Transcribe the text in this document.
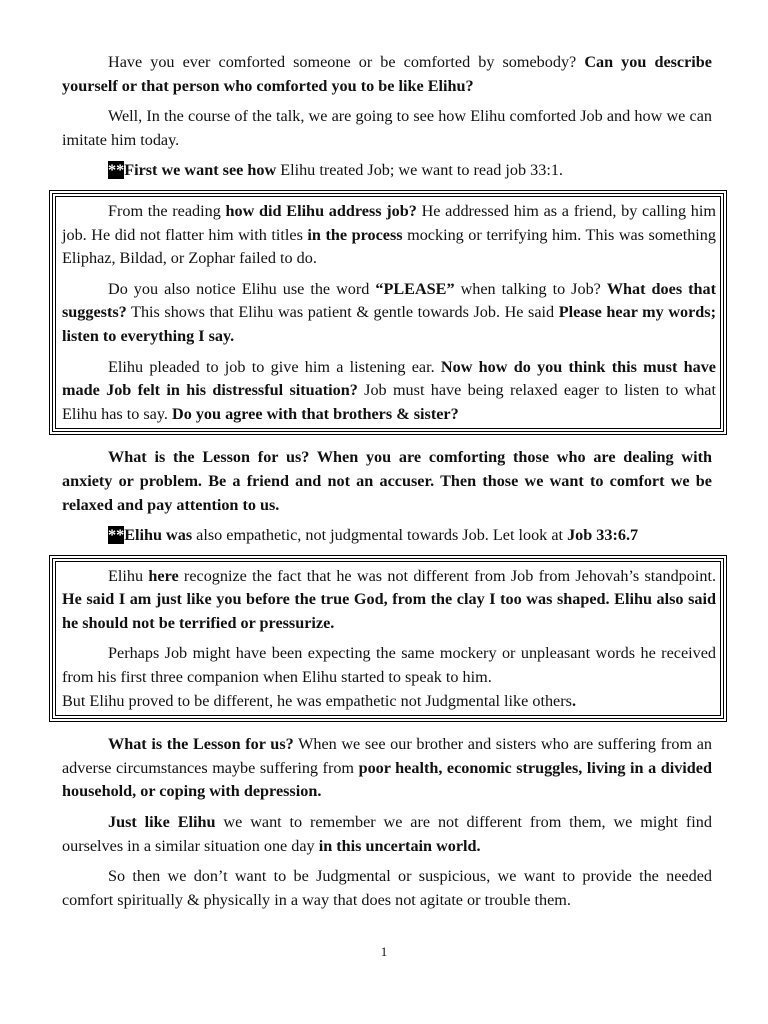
Have you ever comforted someone or be comforted by somebody? Can you describe yourself or that person who comforted you to be like Elihu?

Well, In the course of the talk, we are going to see how Elihu comforted Job and how we can imitate him today.

**First we want see how Elihu treated Job; we want to read job 33:1.

From the reading how did Elihu address job? He addressed him as a friend, by calling him job. He did not flatter him with titles in the process mocking or terrifying him. This was something Eliphaz, Bildad, or Zophar failed to do.

Do you also notice Elihu use the word “PLEASE” when talking to Job? What does that suggests? This shows that Elihu was patient & gentle towards Job. He said Please hear my words; listen to everything I say.

Elihu pleaded to job to give him a listening ear. Now how do you think this must have made Job felt in his distressful situation? Job must have being relaxed eager to listen to what Elihu has to say. Do you agree with that brothers & sister?

What is the Lesson for us? When you are comforting those who are dealing with anxiety or problem. Be a friend and not an accuser. Then those we want to comfort we be relaxed and pay attention to us.

**Elihu was also empathetic, not judgmental towards Job. Let look at Job 33:6.7

Elihu here recognize the fact that he was not different from Job from Jehovah’s standpoint. He said I am just like you before the true God, from the clay I too was shaped. Elihu also said he should not be terrified or pressurize.

Perhaps Job might have been expecting the same mockery or unpleasant words he received from his first three companion when Elihu started to speak to him.
But Elihu proved to be different, he was empathetic not Judgmental like others.

What is the Lesson for us? When we see our brother and sisters who are suffering from an adverse circumstances maybe suffering from poor health, economic struggles, living in a divided household, or coping with depression.

Just like Elihu we want to remember we are not different from them, we might find ourselves in a similar situation one day in this uncertain world.

So then we don’t want to be Judgmental or suspicious, we want to provide the needed comfort spiritually & physically in a way that does not agitate or trouble them.

1
